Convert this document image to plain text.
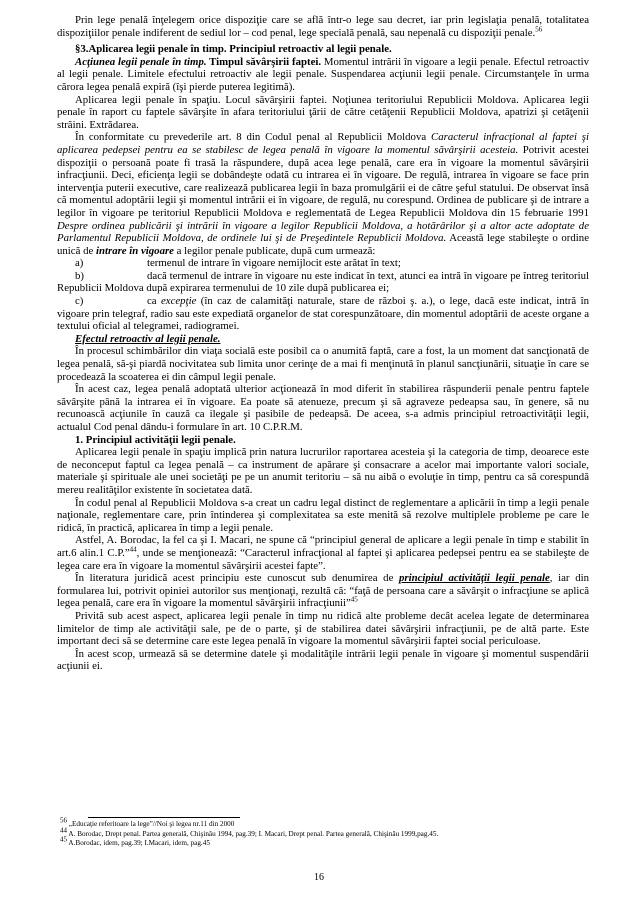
Prin lege penală înţelegem orice dispoziţie care se află într-o lege sau decret, iar prin legislaţia penală, totalitatea dispoziţiilor penale indiferent de sediul lor – cod penal, lege specială penală, sau nepenală cu dispoziţii penale.$^{56}$

§3.Aplicarea legii penale în timp. Principiul retroactiv al legii penale.

Acţiunea legii penale în timp. Timpul săvârşirii faptei. Momentul intrării în vigoare a legii penale. Efectul retroactiv al legii penale. Limitele efectului retroactiv ale legii penale. Suspendarea acţiunii legii penale. Circumstanţele în urma cărora legea penală expiră (îşi pierde puterea legitimă).

Aplicarea legii penale în spaţiu. Locul săvârşirii faptei. Noţiunea teritoriului Republicii Moldova. Aplicarea legii penale în raport cu faptele săvârşite în afara teritoriului ţării de către cetăţenii Republicii Moldova, apatrizi şi cetăţenii străini. Extrădarea.

În conformitate cu prevederile art. 8 din Codul penal al Republicii Moldova Caracterul infracţional al faptei şi aplicarea pedepsei pentru ea se stabilesc de legea penală în vigoare la momentul săvârşirii acesteia. Potrivit acestei dispoziţii o persoană poate fi trasă la răspundere, după acea lege penală, care era în vigoare la momentul săvârşirii infracţiunii. Deci, eficienţa legii se dobândeşte odată cu intrarea ei în vigoare. De regulă, intrarea în vigoare se face prin intervenţia puterii executive, care realizează publicarea legii în baza promulgării ei de către şeful statului. De observat însă că momentul adoptării legii şi momentul intrării ei în vigoare, de regulă, nu corespund. Ordinea de publicare şi de intrare a legilor în vigoare pe teritoriul Republicii Moldova e reglementată de Legea Republicii Moldova din 15 februarie 1991 Despre ordinea publicării şi intrării în vigoare a legilor Republicii Moldova, a hotărârilor şi a altor acte adoptate de Parlamentul Republicii Moldova, de ordinele lui şi de Preşedintele Republicii Moldova. Această lege stabileşte o ordine unică de intrare în vigoare a legilor penale publicate, după cum urmează:

a)	termenul de intrare în vigoare nemijlocit este arătat în text;

b)	dacă termenul de intrare în vigoare nu este indicat în text, atunci ea intră în vigoare pe întreg teritoriul Republicii Moldova după expirarea termenului de 10 zile după publicarea ei;

c)	ca excepţie (în caz de calamităţi naturale, stare de război ş. a.), o lege, dacă este indicat, intră în vigoare prin telegraf, radio sau este expediată organelor de stat corespunzătoare, din momentul adoptării de aceste organe a textului oficial al telegramei, radiogramei.

Efectul retroactiv al legii penale.

În procesul schimbărilor din viaţa socială este posibil ca o anumită faptă, care a fost, la un moment dat sancţionată de legea penală, să-şi piardă nocivitatea sub limita unor cerinţe de a mai fi menţinută în planul sancţiunării, situaţie în care se procedează la scoaterea ei din câmpul legii penale.

În acest caz, legea penală adoptată ulterior acţionează în mod diferit în stabilirea răspunderii penale pentru faptele săvârşite până la intrarea ei în vigoare. Ea poate să atenueze, precum şi să agraveze pedeapsa sau, în genere, să nu recunoască acţiunile în cauză ca ilegale şi pasibile de pedeapsă. De aceea, s-a admis principiul retroactivităţii legii, actualul Cod penal dându-i formulare în art. 10 C.P.R.M.

1. Principiul activităţii legii penale.

Aplicarea legii penale în spaţiu implică prin natura lucrurilor raportarea acesteia şi la categoria de timp, deoarece este de neconceput faptul ca legea penală – ca instrument de apărare şi consacrare a acelor mai importante valori sociale, materiale şi spirituale ale unei societăţi pe pe un anumit teritoriu – să nu aibă o evoluţie în timp, pentru ca să corespundă mereu realităţilor existente în societatea dată.

În codul penal al Republicii Moldova s-a creat un cadru legal distinct de reglementare a aplicării în timp a legii penale naţionale, reglementare care, prin întinderea şi complexitatea sa este menită să rezolve multiplele probleme pe care le ridică, în practică, aplicarea în timp a legii penale.

Astfel, A. Borodac, la fel ca şi I. Macari, ne spune că “principiul general de aplicare a legii penale în timp e stabilit în art.6 alin.1 C.P.”$^{44}$, unde se menţionează: “Caracterul infracţional al faptei şi aplicarea pedepsei pentru ea se stabileşte de legea care era în vigoare la momentul săvârşirii acestei fapte”.

În literatura juridică acest principiu este cunoscut sub denumirea de principiul activităţii legii penale, iar din formularea lui, potrivit opiniei autorilor sus menţionaţi, rezultă că: “faţă de persoana care a săvârşit o infracţiune se aplică legea penală, care era în vigoare la momentul săvârşirii infracţiunii”$^{45}$

Privită sub acest aspect, aplicarea legii penale în timp nu ridică alte probleme decât acelea legate de determinarea limitelor de timp ale activităţii sale, pe de o parte, şi de stabilirea datei săvârşirii infracţiunii, pe de altă parte. Este important deci să se determine care este legea penală în vigoare la momentul săvârşirii faptei social periculoase.

În acest scop, urmează să se determine datele şi modalităţile intrării legii penale în vigoare şi momentul suspendării acţiunii ei.

$^{56}$ „Educaţie referitoare la lege”//Noi şi legea nr.11 din 2000
$^{44}$ A. Borodac, Drept penal. Partea generală, Chişinău 1994, pag.39; I. Macari, Drept penal. Partea generală, Chişinău 1999,pag.45.
$^{45}$ A.Borodac, idem, pag.39; I.Macari, idem, pag.45
16
